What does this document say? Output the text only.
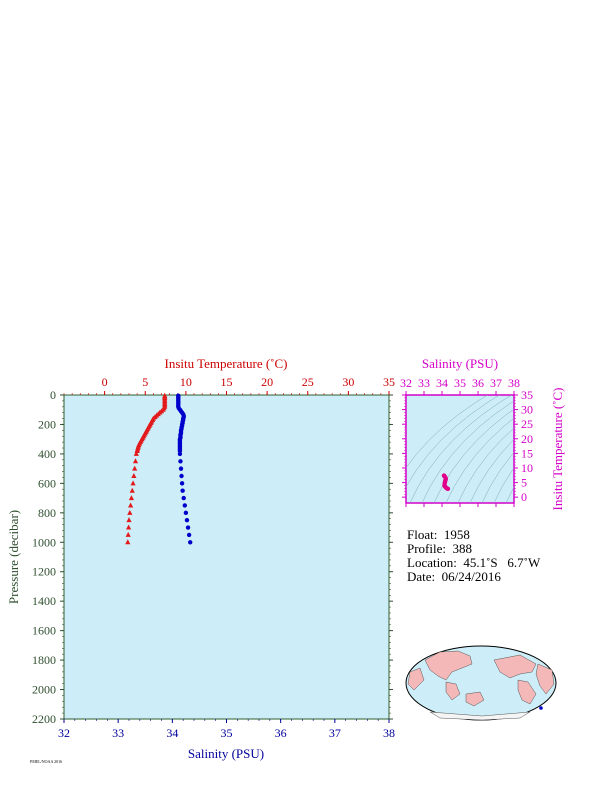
0	5	10 15 20 25 30 35
32	33	34	35	36	37	38
0
200
400
600
800
1000
1200
1400
1600
1800
2000
2200
Insitu Temperature (˚C)
Salinity (PSU)
Pressure (decibar)
32 33 34 35 36 37 38
0
5
10
15
20
25
30
35
Salinity (PSU)
Insitu Temperature (˚C)
PMEL/NOAA 2016
Float:  1958
Profile:  388
Location:  45.1˚S   6.7˚W
Date:  06/24/2016
